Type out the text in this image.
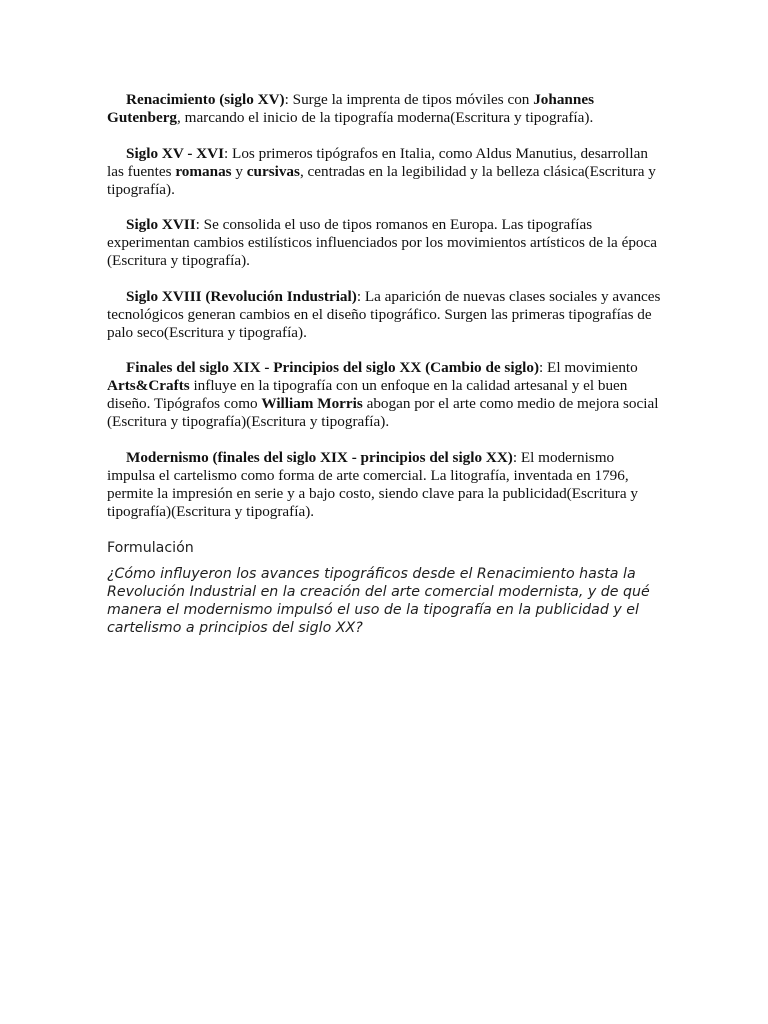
Renacimiento (siglo XV): Surge la imprenta de tipos móviles con Johannes Gutenberg, marcando el inicio de la tipografía moderna(Escritura y tipografía).

Siglo XV - XVI: Los primeros tipógrafos en Italia, como Aldus Manutius, desarrollan las fuentes romanas y cursivas, centradas en la legibilidad y la belleza clásica(Escritura y tipografía).

Siglo XVII: Se consolida el uso de tipos romanos en Europa. Las tipografías experimentan cambios estilísticos influenciados por los movimientos artísticos de la época (Escritura y tipografía).

Siglo XVIII (Revolución Industrial): La aparición de nuevas clases sociales y avances tecnológicos generan cambios en el diseño tipográfico. Surgen las primeras tipografías de palo seco(Escritura y tipografía).

Finales del siglo XIX - Principios del siglo XX (Cambio de siglo): El movimiento Arts&Crafts influye en la tipografía con un enfoque en la calidad artesanal y el buen diseño. Tipógrafos como William Morris abogan por el arte como medio de mejora social (Escritura y tipografía)(Escritura y tipografía).

Modernismo (finales del siglo XIX - principios del siglo XX): El modernismo impulsa el cartelismo como forma de arte comercial. La litografía, inventada en 1796, permite la impresión en serie y a bajo costo, siendo clave para la publicidad(Escritura y tipografía)(Escritura y tipografía).

Formulación

¿Cómo influyeron los avances tipográficos desde el Renacimiento hasta la Revolución Industrial en la creación del arte comercial modernista, y de qué manera el modernismo impulsó el uso de la tipografía en la publicidad y el cartelismo a principios del siglo XX?
